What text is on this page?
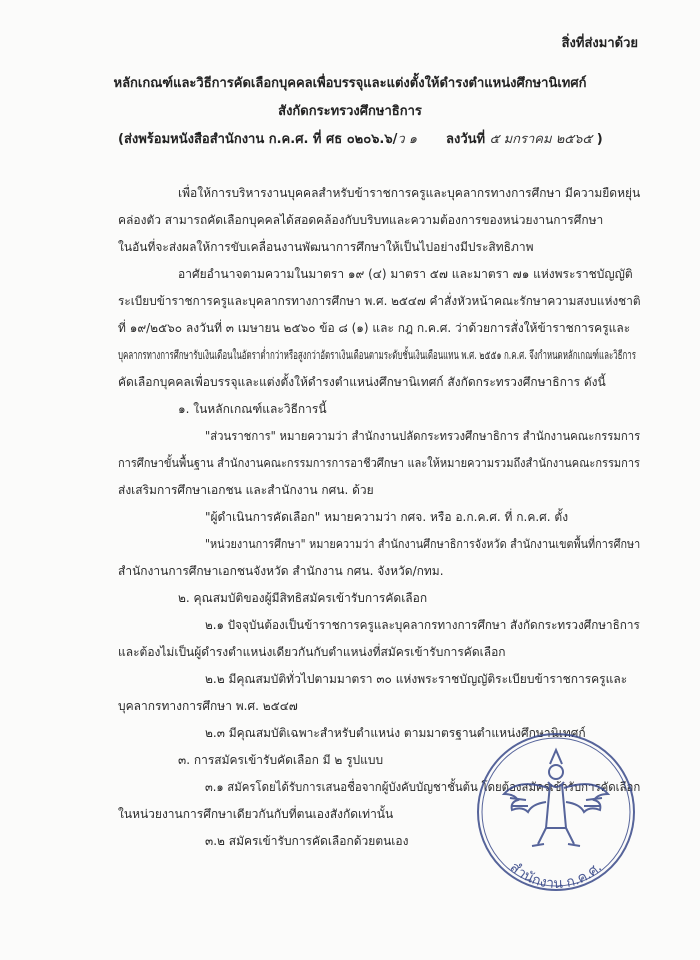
สิ่งที่ส่งมาด้วย
หลักเกณฑ์และวิธีการคัดเลือกบุคคลเพื่อบรรจุและแต่งตั้งให้ดำรงตำแหน่งศึกษานิเทศก์
สังกัดกระทรวงศึกษาธิการ
(ส่งพร้อมหนังสือสำนักงาน ก.ค.ศ. ที่ ศธ ๐๒๐๖.๖/ว ๑ ลงวันที่ ๕ มกราคม ๒๕๖๕ )
เพื่อให้การบริหารงานบุคคลสำหรับข้าราชการครูและบุคลากรทางการศึกษา มีความยืดหยุ่น
คล่องตัว สามารถคัดเลือกบุคคลได้สอดคล้องกับบริบทและความต้องการของหน่วยงานการศึกษา
ในอันที่จะส่งผลให้การขับเคลื่อนงานพัฒนาการศึกษาให้เป็นไปอย่างมีประสิทธิภาพ
อาศัยอำนาจตามความในมาตรา ๑๙ (๔) มาตรา ๕๗ และมาตรา ๗๑ แห่งพระราชบัญญัติ
ระเบียบข้าราชการครูและบุคลากรทางการศึกษา พ.ศ. ๒๕๔๗ คำสั่งหัวหน้าคณะรักษาความสงบแห่งชาติ
ที่ ๑๙/๒๕๖๐ ลงวันที่ ๓ เมษายน ๒๕๖๐ ข้อ ๘ (๑) และ กฎ ก.ค.ศ. ว่าด้วยการสั่งให้ข้าราชการครูและ
บุคลากรทางการศึกษารับเงินเดือนในอัตราต่ำกว่าหรือสูงกว่าอัตราเงินเดือนตามระดับชั้นเงินเดือนแทน พ.ศ. ๒๕๕๑ ก.ค.ศ. จึงกำหนดหลักเกณฑ์และวิธีการ
คัดเลือกบุคคลเพื่อบรรจุและแต่งตั้งให้ดำรงตำแหน่งศึกษานิเทศก์ สังกัดกระทรวงศึกษาธิการ ดังนี้
๑. ในหลักเกณฑ์และวิธีการนี้
"ส่วนราชการ" หมายความว่า สำนักงานปลัดกระทรวงศึกษาธิการ สำนักงานคณะกรรมการ
การศึกษาขั้นพื้นฐาน สำนักงานคณะกรรมการการอาชีวศึกษา และให้หมายความรวมถึงสำนักงานคณะกรรมการ
ส่งเสริมการศึกษาเอกชน และสำนักงาน กศน. ด้วย
"ผู้ดำเนินการคัดเลือก" หมายความว่า กศจ. หรือ อ.ก.ค.ศ. ที่ ก.ค.ศ. ตั้ง
"หน่วยงานการศึกษา" หมายความว่า สำนักงานศึกษาธิการจังหวัด สำนักงานเขตพื้นที่การศึกษา
สำนักงานการศึกษาเอกชนจังหวัด สำนักงาน กศน. จังหวัด/กทม.
๒. คุณสมบัติของผู้มีสิทธิสมัครเข้ารับการคัดเลือก
๒.๑ ปัจจุบันต้องเป็นข้าราชการครูและบุคลากรทางการศึกษา สังกัดกระทรวงศึกษาธิการ
และต้องไม่เป็นผู้ดำรงตำแหน่งเดียวกันกับตำแหน่งที่สมัครเข้ารับการคัดเลือก
๒.๒ มีคุณสมบัติทั่วไปตามมาตรา ๓๐ แห่งพระราชบัญญัติระเบียบข้าราชการครูและ
บุคลากรทางการศึกษา พ.ศ. ๒๕๔๗
๒.๓ มีคุณสมบัติเฉพาะสำหรับตำแหน่ง ตามมาตรฐานตำแหน่งศึกษานิเทศก์
๓. การสมัครเข้ารับคัดเลือก มี ๒ รูปแบบ
๓.๑ สมัครโดยได้รับการเสนอชื่อจากผู้บังคับบัญชาชั้นต้น โดยต้องสมัครเข้ารับการคัดเลือก
ในหน่วยงานการศึกษาเดียวกันกับที่ตนเองสังกัดเท่านั้น
๓.๒ สมัครเข้ารับการคัดเลือกด้วยตนเอง
สำนักงาน ก.ค.ศ.
